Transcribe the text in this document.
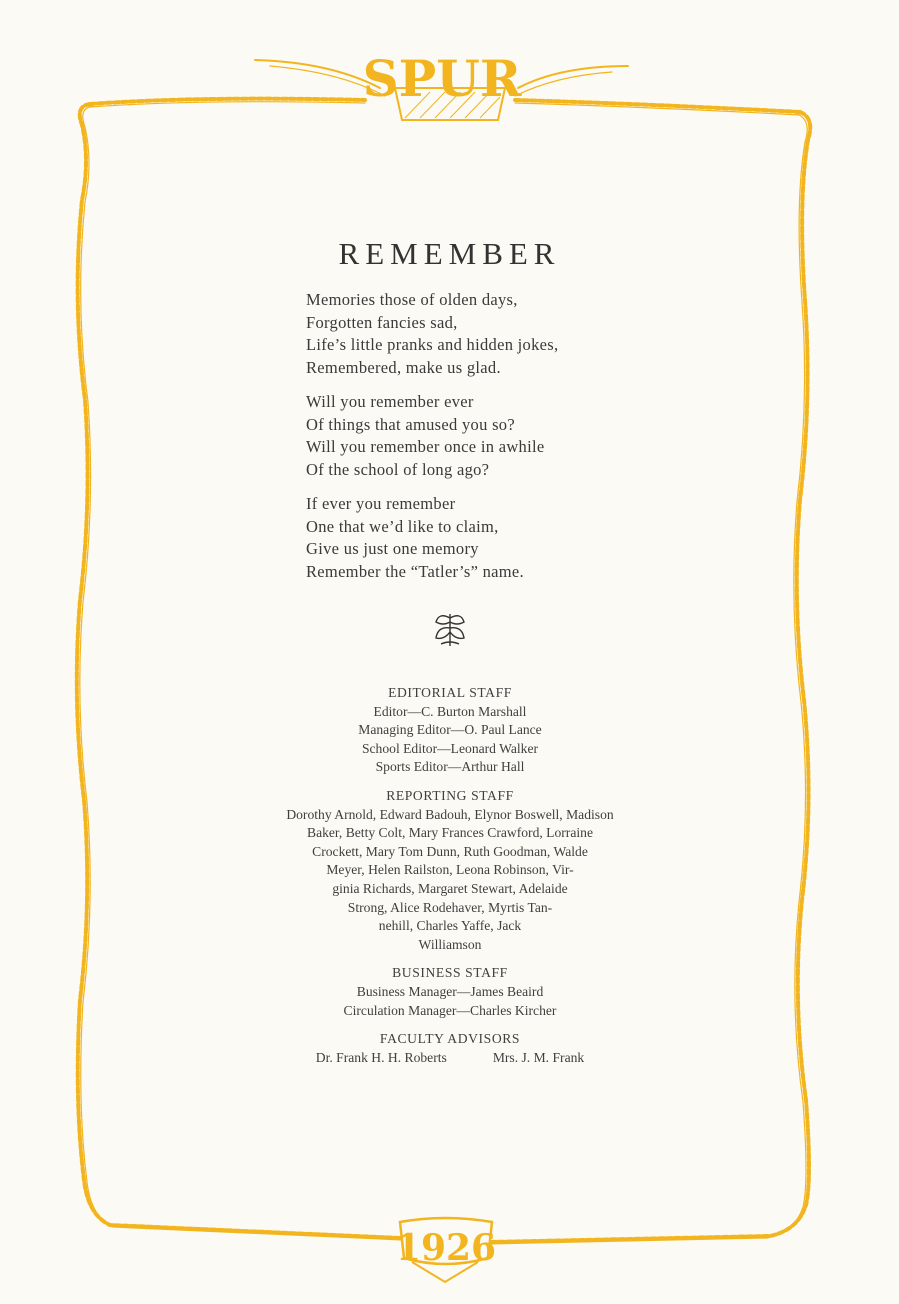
SPUR
1926
REMEMBER
Memories those of olden days,
Forgotten fancies sad,
Life’s little pranks and hidden jokes,
Remembered, make us glad.
Will you remember ever
Of things that amused you so?
Will you remember once in awhile
Of the school of long ago?
If ever you remember
One that we’d like to claim,
Give us just one memory
Remember the “Tatler’s” name.
EDITORIAL STAFF
Editor—C. Burton Marshall
Managing Editor—O. Paul Lance
School Editor—Leonard Walker
Sports Editor—Arthur Hall
REPORTING STAFF
Dorothy Arnold, Edward Badouh, Elynor Boswell, Madison
Baker, Betty Colt, Mary Frances Crawford, Lorraine
Crockett, Mary Tom Dunn, Ruth Goodman, Walde
Meyer, Helen Railston, Leona Robinson, Vir-
ginia Richards, Margaret Stewart, Adelaide
Strong, Alice Rodehaver, Myrtis Tan-
nehill, Charles Yaffe, Jack
Williamson
BUSINESS STAFF
Business Manager—James Beaird
Circulation Manager—Charles Kircher
FACULTY ADVISORS
Dr. Frank H. H. Roberts	Mrs. J. M. Frank
